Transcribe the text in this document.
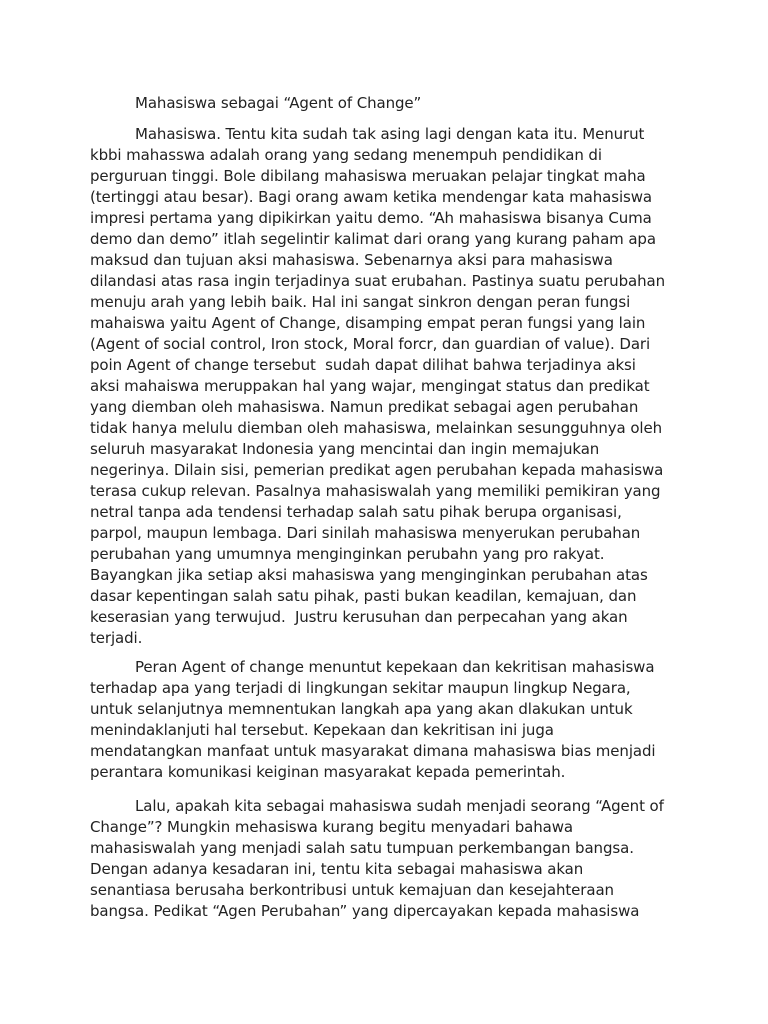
Mahasiswa sebagai “Agent of Change”
Mahasiswa. Tentu kita sudah tak asing lagi dengan kata itu. Menurut
kbbi mahasswa adalah orang yang sedang menempuh pendidikan di
perguruan tinggi. Bole dibilang mahasiswa meruakan pelajar tingkat maha
(tertinggi atau besar). Bagi orang awam ketika mendengar kata mahasiswa
impresi pertama yang dipikirkan yaitu demo. “Ah mahasiswa bisanya Cuma
demo dan demo” itlah segelintir kalimat dari orang yang kurang paham apa
maksud dan tujuan aksi mahasiswa. Sebenarnya aksi para mahasiswa
dilandasi atas rasa ingin terjadinya suat erubahan. Pastinya suatu perubahan
menuju arah yang lebih baik. Hal ini sangat sinkron dengan peran fungsi
mahaiswa yaitu Agent of Change, disamping empat peran fungsi yang lain
(Agent of social control, Iron stock, Moral forcr, dan guardian of value). Dari
poin Agent of change tersebut  sudah dapat dilihat bahwa terjadinya aksi
aksi mahaiswa meruppakan hal yang wajar, mengingat status dan predikat
yang diemban oleh mahasiswa. Namun predikat sebagai agen perubahan
tidak hanya melulu diemban oleh mahasiswa, melainkan sesungguhnya oleh
seluruh masyarakat Indonesia yang mencintai dan ingin memajukan
negerinya. Dilain sisi, pemerian predikat agen perubahan kepada mahasiswa
terasa cukup relevan. Pasalnya mahasiswalah yang memiliki pemikiran yang
netral tanpa ada tendensi terhadap salah satu pihak berupa organisasi,
parpol, maupun lembaga. Dari sinilah mahasiswa menyerukan perubahan
perubahan yang umumnya menginginkan perubahn yang pro rakyat.
Bayangkan jika setiap aksi mahasiswa yang menginginkan perubahan atas
dasar kepentingan salah satu pihak, pasti bukan keadilan, kemajuan, dan
keserasian yang terwujud.  Justru kerusuhan dan perpecahan yang akan
terjadi.
Peran Agent of change menuntut kepekaan dan kekritisan mahasiswa
terhadap apa yang terjadi di lingkungan sekitar maupun lingkup Negara,
untuk selanjutnya memnentukan langkah apa yang akan dlakukan untuk
menindaklanjuti hal tersebut. Kepekaan dan kekritisan ini juga
mendatangkan manfaat untuk masyarakat dimana mahasiswa bias menjadi
perantara komunikasi keiginan masyarakat kepada pemerintah.
Lalu, apakah kita sebagai mahasiswa sudah menjadi seorang “Agent of
Change”? Mungkin mehasiswa kurang begitu menyadari bahawa
mahasiswalah yang menjadi salah satu tumpuan perkembangan bangsa.
Dengan adanya kesadaran ini, tentu kita sebagai mahasiswa akan
senantiasa berusaha berkontribusi untuk kemajuan dan kesejahteraan
bangsa. Pedikat “Agen Perubahan” yang dipercayakan kepada mahasiswa
